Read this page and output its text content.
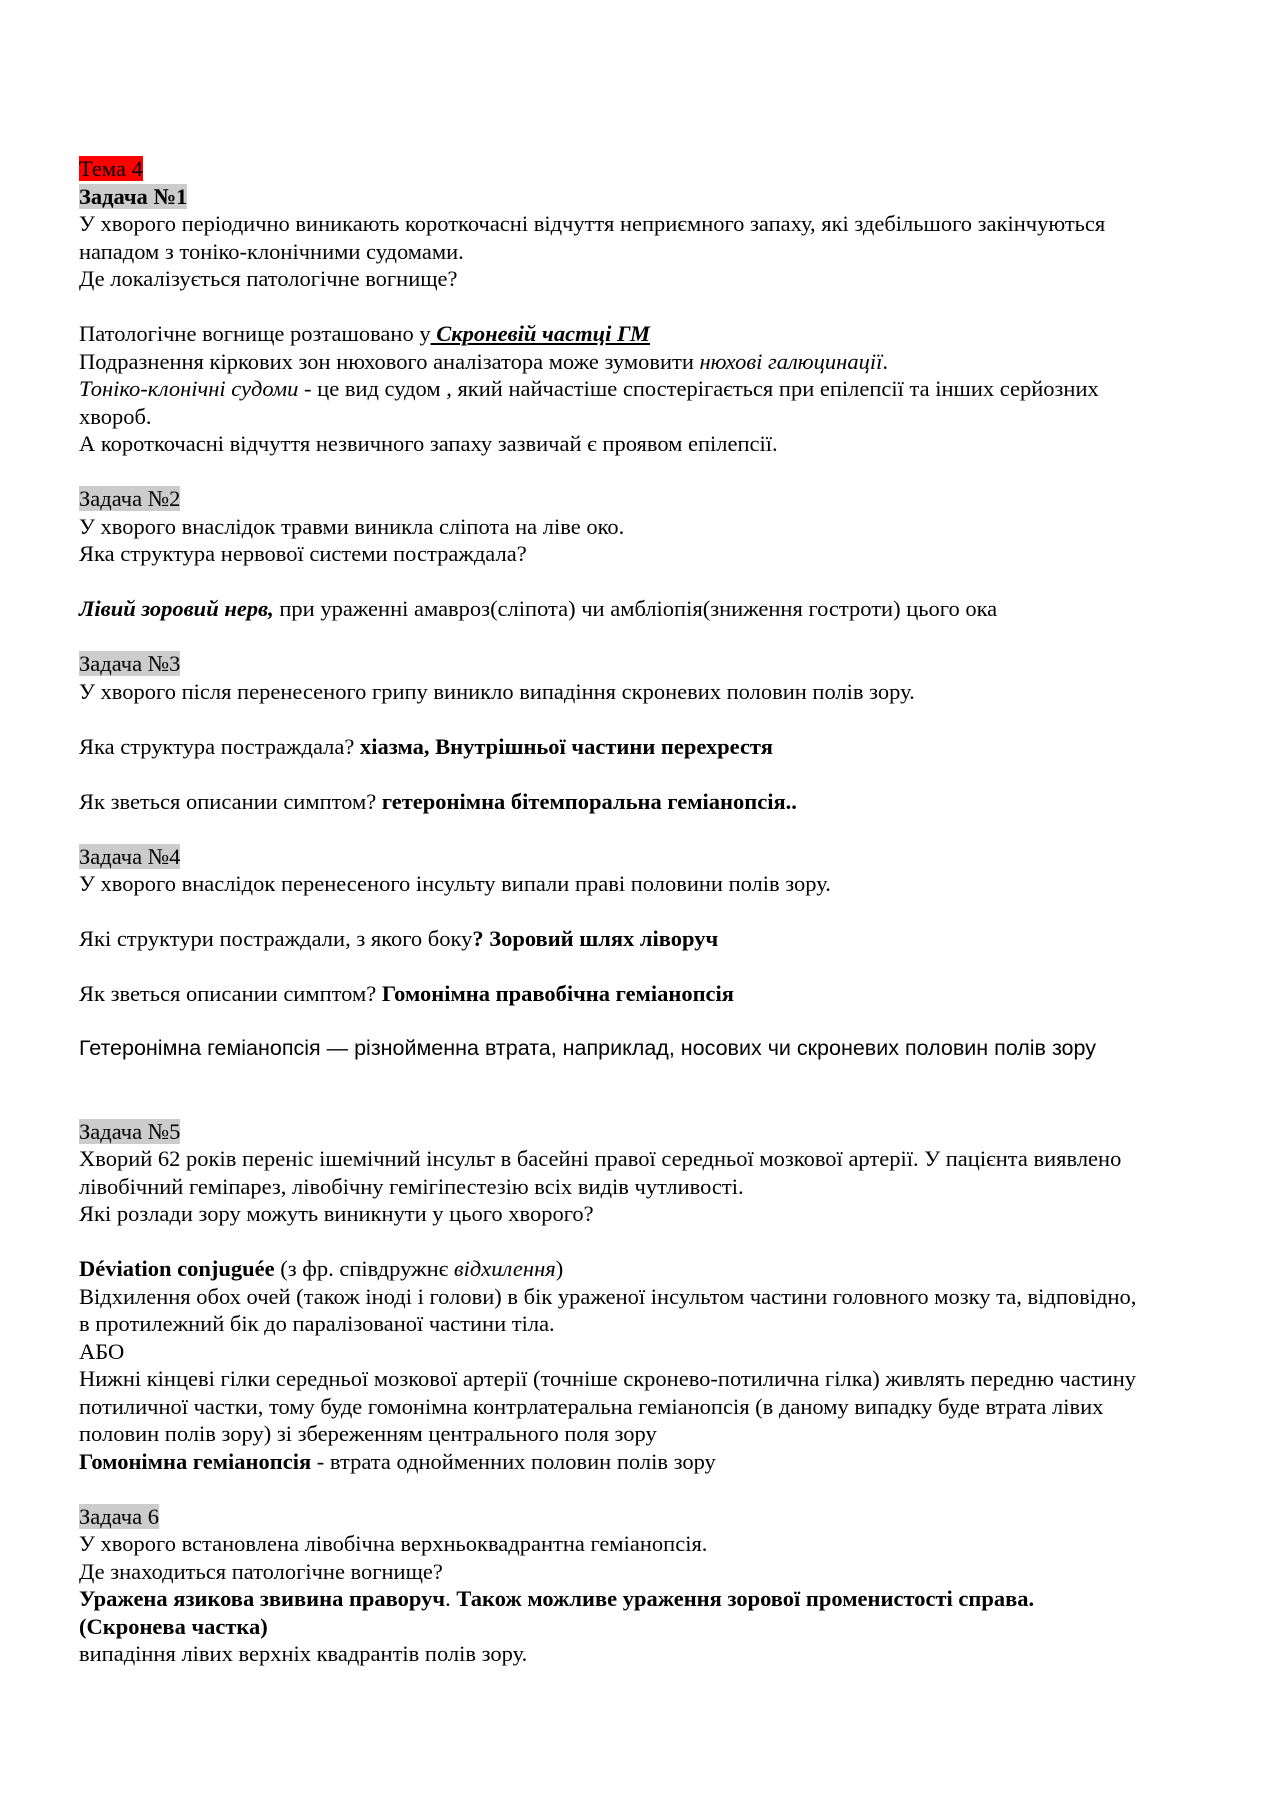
Тема 4
Задача №1
У хворого періодично виникають короткочасні відчуття неприємного запаху, які здебільшого закінчуються
нападом з тоніко-клонічними судомами.
Де локалізується патологічне вогнище?
Патологічне вогнище розташовано у Скроневій частці ГМ
Подразнення кіркових зон нюхового аналізатора може зумовити нюхові галюцинації.
Тоніко-клонічні судоми - це вид судом , який найчастіше спостерігається при епілепсії та інших серйозних
хвороб.
А короткочасні відчуття незвичного запаху зазвичай є проявом епілепсії.
Задача №2
У хворого внаслідок травми виникла сліпота на ліве око.
Яка структура нервової системи постраждала?
Лівий зоровий нерв, при ураженні амавроз(сліпота) чи амбліопія(зниження гостроти) цього ока
Задача №3
У хворого після перенесеного грипу виникло випадіння скроневих половин полів зору.
Яка структура постраждала? хіазма, Внутрішньої частини перехрестя
Як зветься описании симптом? гетеронімна бітемпоральна геміанопсія..
Задача №4
У хворого внаслідок перенесеного інсульту випали праві половини полів зору.
Які структури постраждали, з якого боку? Зоровий шлях ліворуч
Як зветься описании симптом? Гомонімна правобічна геміанопсія
Гетеронімна геміанопсія — різнойменна втрата, наприклад, носових чи скроневих половин полів зору
Задача №5
Хворий 62 років переніс ішемічний інсульт в басейні правої середньої мозкової артерії. У пацієнта виявлено
лівобічний геміпарез, лівобічну гемігіпестезію всіх видів чутливості.
Які розлади зору можуть виникнути у цього хворого?
Déviation conjuguée (з фр. співдружнє відхилення)
Відхилення обох очей (також іноді і голови) в бік ураженої інсультом частини головного мозку та, відповідно,
в протилежний бік до паралізованої частини тіла.
АБО
Нижні кінцеві гілки середньої мозкової артерії (точніше скронево-потилична гілка) живлять передню частину
потиличної частки, тому буде гомонімна контрлатеральна геміанопсія (в даному випадку буде втрата лівих
половин полів зору) зі збереженням центрального поля зору
Гомонімна геміанопсія - втрата однойменних половин полів зору
Задача 6
У хворого встановлена лівобічна верхньоквадрантна геміанопсія.
Де знаходиться патологічне вогнище?
Уражена язикова звивина праворуч. Також можливе ураження зорової променистості справа.
(Скронева частка)
випадіння лівих верхніх квадрантів полів зору.
